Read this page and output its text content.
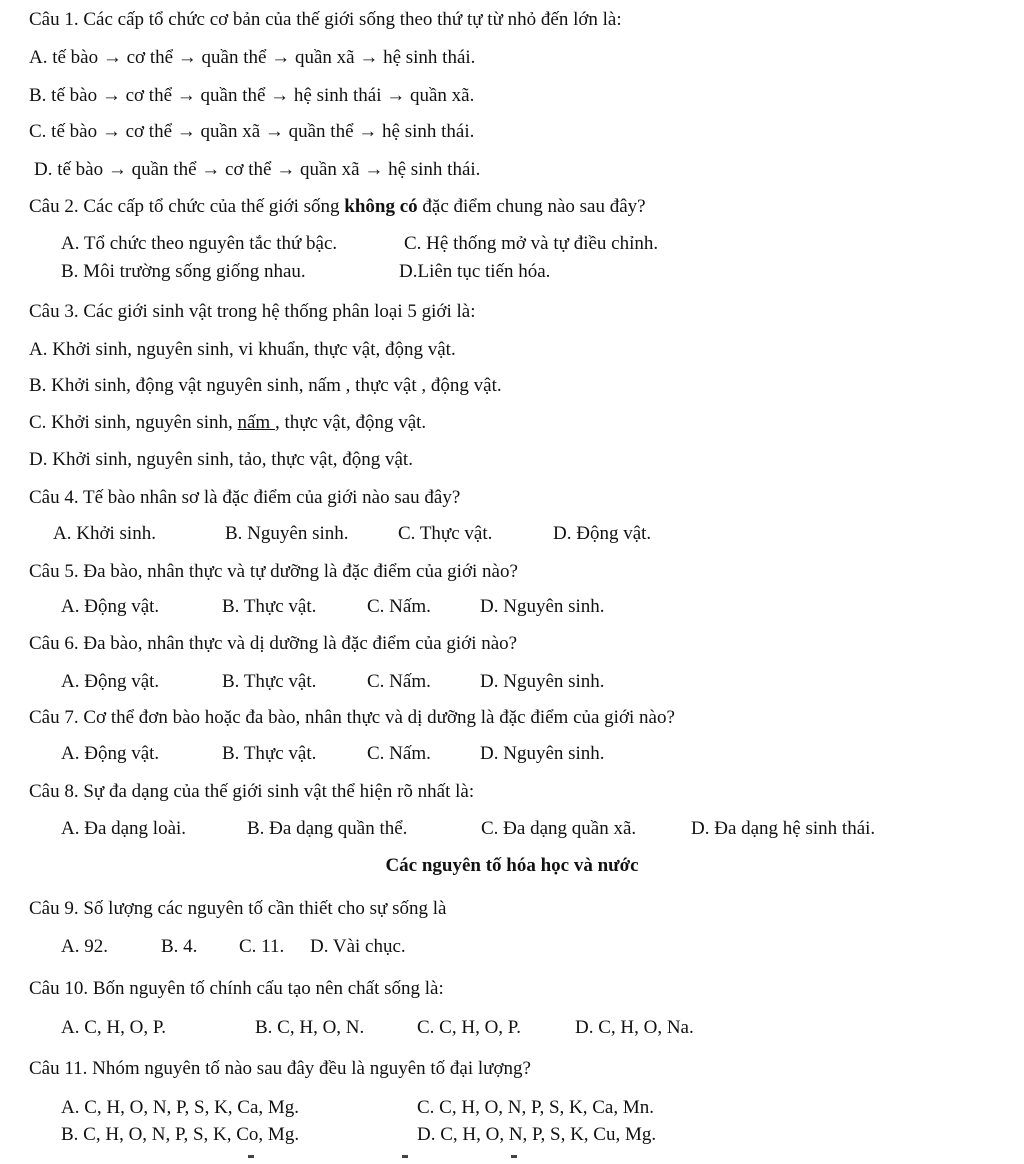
Câu 1. Các cấp tổ chức cơ bản của thế giới sống theo thứ tự từ nhỏ đến lớn là:
A. tế bào → cơ thể → quần thể → quần xã → hệ sinh thái.
B. tế bào → cơ thể → quần thể → hệ sinh thái → quần xã.
C. tế bào → cơ thể → quần xã → quần thể → hệ sinh thái.
D. tế bào → quần thể → cơ thể → quần xã → hệ sinh thái.
Câu 2. Các cấp tổ chức của thế giới sống không có đặc điểm chung nào sau đây?
A. Tổ chức theo nguyên tắc thứ bậc.	C. Hệ thống mở và tự điều chỉnh.
B. Môi trường sống giống nhau.	D.Liên tục tiến hóa.
Câu 3. Các giới sinh vật trong hệ thống phân loại 5 giới là:
A. Khởi sinh, nguyên sinh, vi khuẩn, thực vật, động vật.
B. Khởi sinh, động vật nguyên sinh, nấm , thực vật , động vật.
C. Khởi sinh, nguyên sinh, nấm , thực vật, động vật.
D. Khởi sinh, nguyên sinh, tảo, thực vật, động vật.
Câu 4. Tế bào nhân sơ là đặc điểm của giới nào sau đây?
A. Khởi sinh.	B. Nguyên sinh.	C. Thực vật.	D. Động vật.
Câu 5. Đa bào, nhân thực và tự dưỡng là đặc điểm của giới nào?
A. Động vật.	B. Thực vật.	C. Nấm.	D. Nguyên sinh.
Câu 6. Đa bào, nhân thực và dị dưỡng là đặc điểm của giới nào?
A. Động vật.	B. Thực vật.	C. Nấm.	D. Nguyên sinh.
Câu 7. Cơ thể đơn bào hoặc đa bào, nhân thực và dị dưỡng là đặc điểm của giới nào?
A. Động vật.	B. Thực vật.	C. Nấm.	D. Nguyên sinh.
Câu 8. Sự đa dạng của thế giới sinh vật thể hiện rõ nhất là:
A. Đa dạng loài.	B. Đa dạng quần thể.	C. Đa dạng quần xã.	D. Đa dạng hệ sinh thái.
Các nguyên tố hóa học và nước
Câu 9. Số lượng các nguyên tố cần thiết cho sự sống là
A. 92.	B. 4. C. 11. D. Vài chục.
Câu 10. Bốn nguyên tố chính cấu tạo nên chất sống là:
A. C, H, O, P.	B. C, H, O, N.	C. C, H, O, P.	D. C, H, O, Na.
Câu 11. Nhóm nguyên tố nào sau đây đều là nguyên tố đại lượng?
A. C, H, O, N, P, S, K, Ca, Mg.	C. C, H, O, N, P, S, K, Ca, Mn.
B. C, H, O, N, P, S, K, Co, Mg.	D. C, H, O, N, P, S, K, Cu, Mg.
